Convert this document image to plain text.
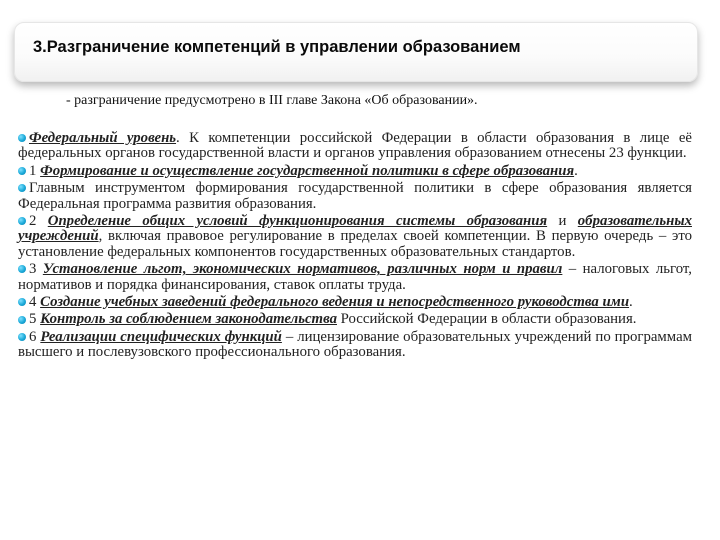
3.Разграничение компетенций в управлении образованием
- разграничение предусмотрено в III главе Закона «Об образовании».

Федеральный уровень. К компетенции российской Федерации в области образования в лице её федеральных органов государственной власти и органов управления образованием отнесены 23 функции.

1 Формирование и осуществление государственной политики в сфере образования.

Главным инструментом формирования государственной политики в сфере образования является Федеральная программа развития образования.

2 Определение общих условий функционирования системы образования и образовательных учреждений, включая правовое регулирование в пределах своей компетенции. В первую очередь – это установление федеральных компонентов государственных образовательных стандартов.

3 Установление льгот, экономических нормативов, различных норм и правил – налоговых льгот, нормативов и порядка финансирования, ставок оплаты труда.

4 Создание учебных заведений федерального ведения и непосредственного руководства ими.

5 Контроль за соблюдением законодательства Российской Федерации в области образования.

6 Реализации специфических функций – лицензирование образовательных учреждений по программам высшего и послевузовского профессионального образования.
